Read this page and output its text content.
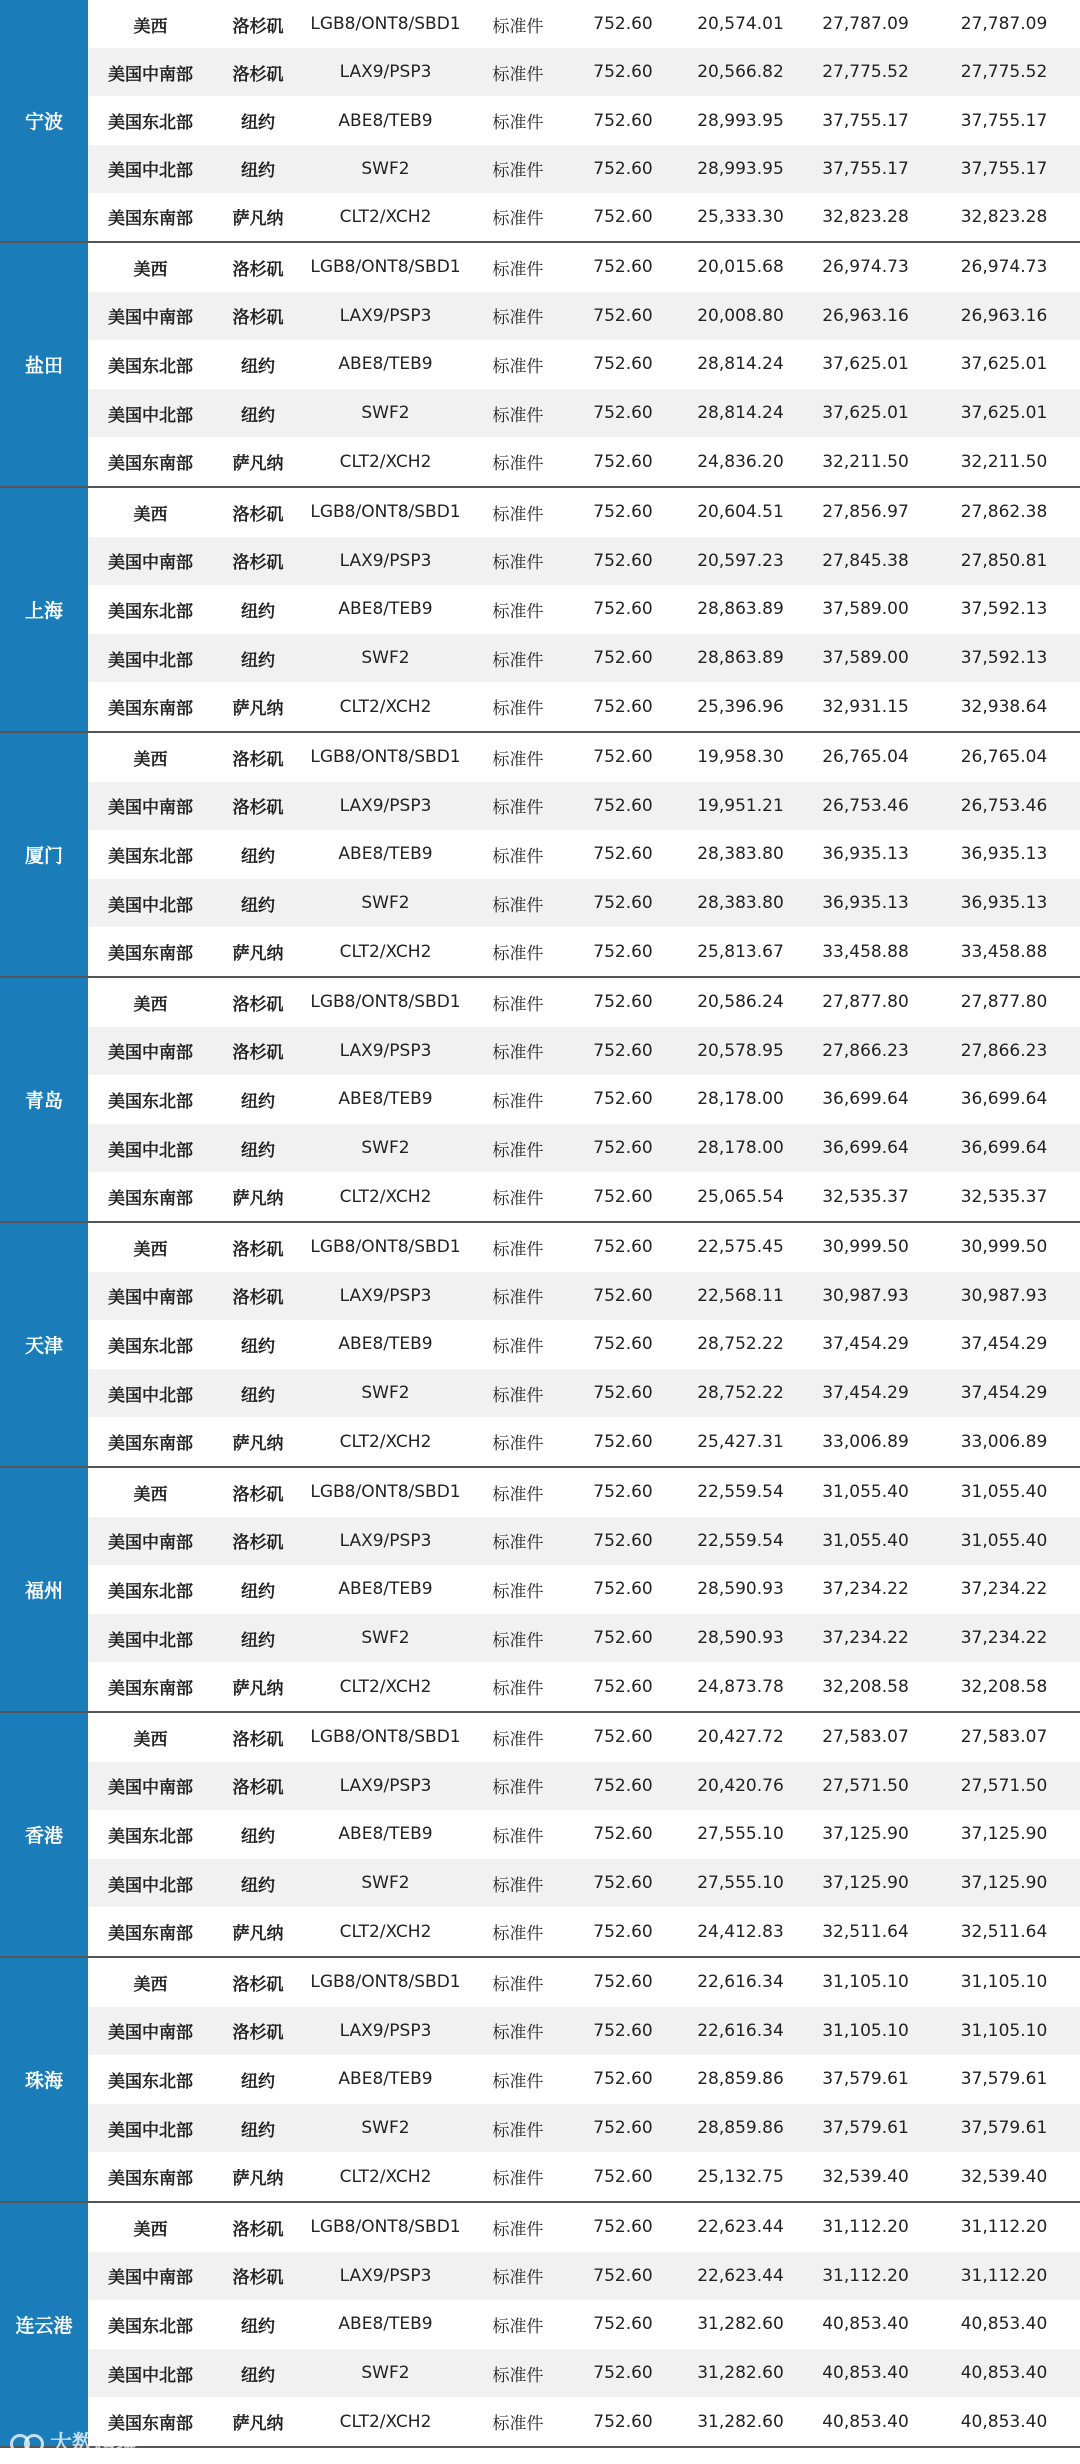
宁波
美西	洛杉矶	LGB8/ONT8/SBD1	标准件	752.60	20,574.01	27,787.09	27,787.09
美国中南部	洛杉矶	LAX9/PSP3	标准件	752.60	20,566.82	27,775.52	27,775.52
美国东北部	纽约	ABE8/TEB9	标准件	752.60	28,993.95	37,755.17	37,755.17
美国中北部	纽约	SWF2	标准件	752.60	28,993.95	37,755.17	37,755.17
美国东南部	萨凡纳	CLT2/XCH2	标准件	752.60	25,333.30	32,823.28	32,823.28
盐田
美西	洛杉矶	LGB8/ONT8/SBD1	标准件	752.60	20,015.68	26,974.73	26,974.73
美国中南部	洛杉矶	LAX9/PSP3	标准件	752.60	20,008.80	26,963.16	26,963.16
美国东北部	纽约	ABE8/TEB9	标准件	752.60	28,814.24	37,625.01	37,625.01
美国中北部	纽约	SWF2	标准件	752.60	28,814.24	37,625.01	37,625.01
美国东南部	萨凡纳	CLT2/XCH2	标准件	752.60	24,836.20	32,211.50	32,211.50
上海
美西	洛杉矶	LGB8/ONT8/SBD1	标准件	752.60	20,604.51	27,856.97	27,862.38
美国中南部	洛杉矶	LAX9/PSP3	标准件	752.60	20,597.23	27,845.38	27,850.81
美国东北部	纽约	ABE8/TEB9	标准件	752.60	28,863.89	37,589.00	37,592.13
美国中北部	纽约	SWF2	标准件	752.60	28,863.89	37,589.00	37,592.13
美国东南部	萨凡纳	CLT2/XCH2	标准件	752.60	25,396.96	32,931.15	32,938.64
厦门
美西	洛杉矶	LGB8/ONT8/SBD1	标准件	752.60	19,958.30	26,765.04	26,765.04
美国中南部	洛杉矶	LAX9/PSP3	标准件	752.60	19,951.21	26,753.46	26,753.46
美国东北部	纽约	ABE8/TEB9	标准件	752.60	28,383.80	36,935.13	36,935.13
美国中北部	纽约	SWF2	标准件	752.60	28,383.80	36,935.13	36,935.13
美国东南部	萨凡纳	CLT2/XCH2	标准件	752.60	25,813.67	33,458.88	33,458.88
青岛
美西	洛杉矶	LGB8/ONT8/SBD1	标准件	752.60	20,586.24	27,877.80	27,877.80
美国中南部	洛杉矶	LAX9/PSP3	标准件	752.60	20,578.95	27,866.23	27,866.23
美国东北部	纽约	ABE8/TEB9	标准件	752.60	28,178.00	36,699.64	36,699.64
美国中北部	纽约	SWF2	标准件	752.60	28,178.00	36,699.64	36,699.64
美国东南部	萨凡纳	CLT2/XCH2	标准件	752.60	25,065.54	32,535.37	32,535.37
天津
美西	洛杉矶	LGB8/ONT8/SBD1	标准件	752.60	22,575.45	30,999.50	30,999.50
美国中南部	洛杉矶	LAX9/PSP3	标准件	752.60	22,568.11	30,987.93	30,987.93
美国东北部	纽约	ABE8/TEB9	标准件	752.60	28,752.22	37,454.29	37,454.29
美国中北部	纽约	SWF2	标准件	752.60	28,752.22	37,454.29	37,454.29
美国东南部	萨凡纳	CLT2/XCH2	标准件	752.60	25,427.31	33,006.89	33,006.89
福州
美西	洛杉矶	LGB8/ONT8/SBD1	标准件	752.60	22,559.54	31,055.40	31,055.40
美国中南部	洛杉矶	LAX9/PSP3	标准件	752.60	22,559.54	31,055.40	31,055.40
美国东北部	纽约	ABE8/TEB9	标准件	752.60	28,590.93	37,234.22	37,234.22
美国中北部	纽约	SWF2	标准件	752.60	28,590.93	37,234.22	37,234.22
美国东南部	萨凡纳	CLT2/XCH2	标准件	752.60	24,873.78	32,208.58	32,208.58
香港
美西	洛杉矶	LGB8/ONT8/SBD1	标准件	752.60	20,427.72	27,583.07	27,583.07
美国中南部	洛杉矶	LAX9/PSP3	标准件	752.60	20,420.76	27,571.50	27,571.50
美国东北部	纽约	ABE8/TEB9	标准件	752.60	27,555.10	37,125.90	37,125.90
美国中北部	纽约	SWF2	标准件	752.60	27,555.10	37,125.90	37,125.90
美国东南部	萨凡纳	CLT2/XCH2	标准件	752.60	24,412.83	32,511.64	32,511.64
珠海
美西	洛杉矶	LGB8/ONT8/SBD1	标准件	752.60	22,616.34	31,105.10	31,105.10
美国中南部	洛杉矶	LAX9/PSP3	标准件	752.60	22,616.34	31,105.10	31,105.10
美国东北部	纽约	ABE8/TEB9	标准件	752.60	28,859.86	37,579.61	37,579.61
美国中北部	纽约	SWF2	标准件	752.60	28,859.86	37,579.61	37,579.61
美国东南部	萨凡纳	CLT2/XCH2	标准件	752.60	25,132.75	32,539.40	32,539.40
连云港
美西	洛杉矶	LGB8/ONT8/SBD1	标准件	752.60	22,623.44	31,112.20	31,112.20
美国中南部	洛杉矶	LAX9/PSP3	标准件	752.60	22,623.44	31,112.20	31,112.20
美国东北部	纽约	ABE8/TEB9	标准件	752.60	31,282.60	40,853.40	40,853.40
美国中北部	纽约	SWF2	标准件	752.60	31,282.60	40,853.40	40,853.40
美国东南部	萨凡纳	CLT2/XCH2	标准件	752.60	31,282.60	40,853.40	40,853.40
大数跨境
